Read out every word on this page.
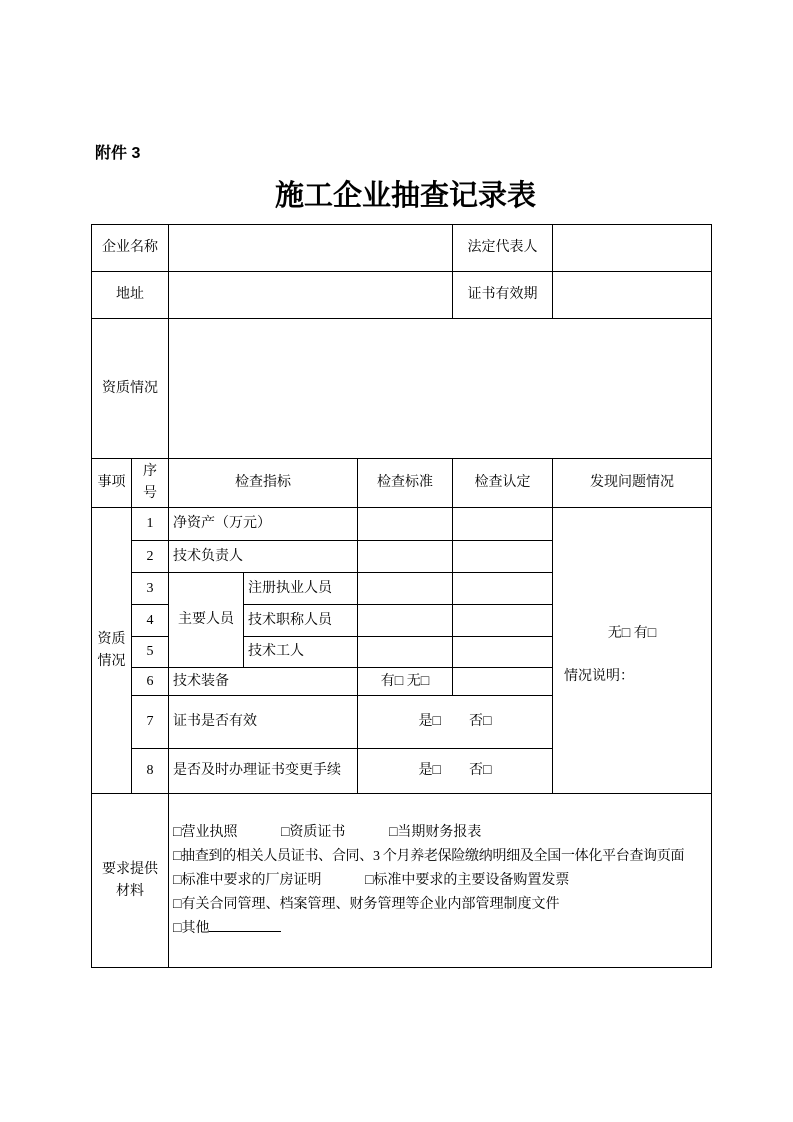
附件 3
施工企业抽查记录表
企业名称					法定代表人	
地址					证书有效期	
资质情况						
事项	序号	检查指标		检查标准	检查认定	发现问题情况
资质情况	1	净资产（万元）				无□ 有□
情况说明：

	2	技术负责人				
	3	主要人员	注册执业人员			
	4		技术职称人员			
	5		技术工人			
	6	技术装备		有□ 无□		
	7	证书是否有效		是□　　否□		
	8	是否及时办理证书变更手续		是□　　否□		
要求提供材料		□营业执照 □资质证书 □当期财务报表
□抽查到的相关人员证书、合同、3 个月养老保险缴纳明细及全国一体化平台查询页面
□标准中要求的厂房证明 □标准中要求的主要设备购置发票
□有关合同管理、档案管理、财务管理等企业内部管理制度文件
□其他				
